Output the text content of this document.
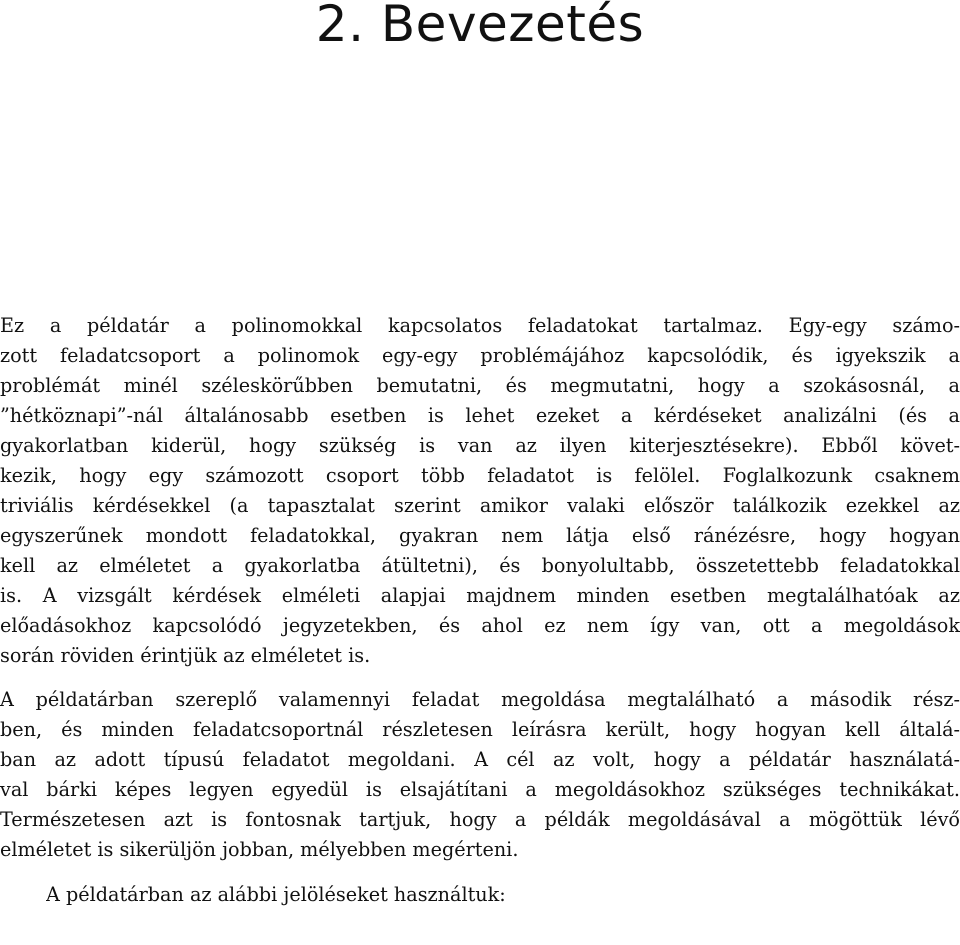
2. Bevezetés

Ez a példatár a polinomokkal kapcsolatos feladatokat tartalmaz. Egy-egy számo-
zott feladatcsoport a polinomok egy-egy problémájához kapcsolódik, és igyekszik a
problémát minél széleskörűbben bemutatni, és megmutatni, hogy a szokásosnál, a
”hétköznapi”-nál általánosabb esetben is lehet ezeket a kérdéseket analizálni (és a
gyakorlatban kiderül, hogy szükség is van az ilyen kiterjesztésekre). Ebből követ-
kezik, hogy egy számozott csoport több feladatot is felölel. Foglalkozunk csaknem
triviális kérdésekkel (a tapasztalat szerint amikor valaki először találkozik ezekkel az
egyszerűnek mondott feladatokkal, gyakran nem látja első ránézésre, hogy hogyan
kell az elméletet a gyakorlatba átültetni), és bonyolultabb, összetettebb feladatokkal
is. A vizsgált kérdések elméleti alapjai majdnem minden esetben megtalálhatóak az
előadásokhoz kapcsolódó jegyzetekben, és ahol ez nem így van, ott a megoldások
során röviden érintjük az elméletet is.

A példatárban szereplő valamennyi feladat megoldása megtalálható a második rész-
ben, és minden feladatcsoportnál részletesen leírásra került, hogy hogyan kell általá-
ban az adott típusú feladatot megoldani. A cél az volt, hogy a példatár használatá-
val bárki képes legyen egyedül is elsajátítani a megoldásokhoz szükséges technikákat.
Természetesen azt is fontosnak tartjuk, hogy a példák megoldásával a mögöttük lévő
elméletet is sikerüljön jobban, mélyebben megérteni.

A példatárban az alábbi jelöléseket használtuk:
